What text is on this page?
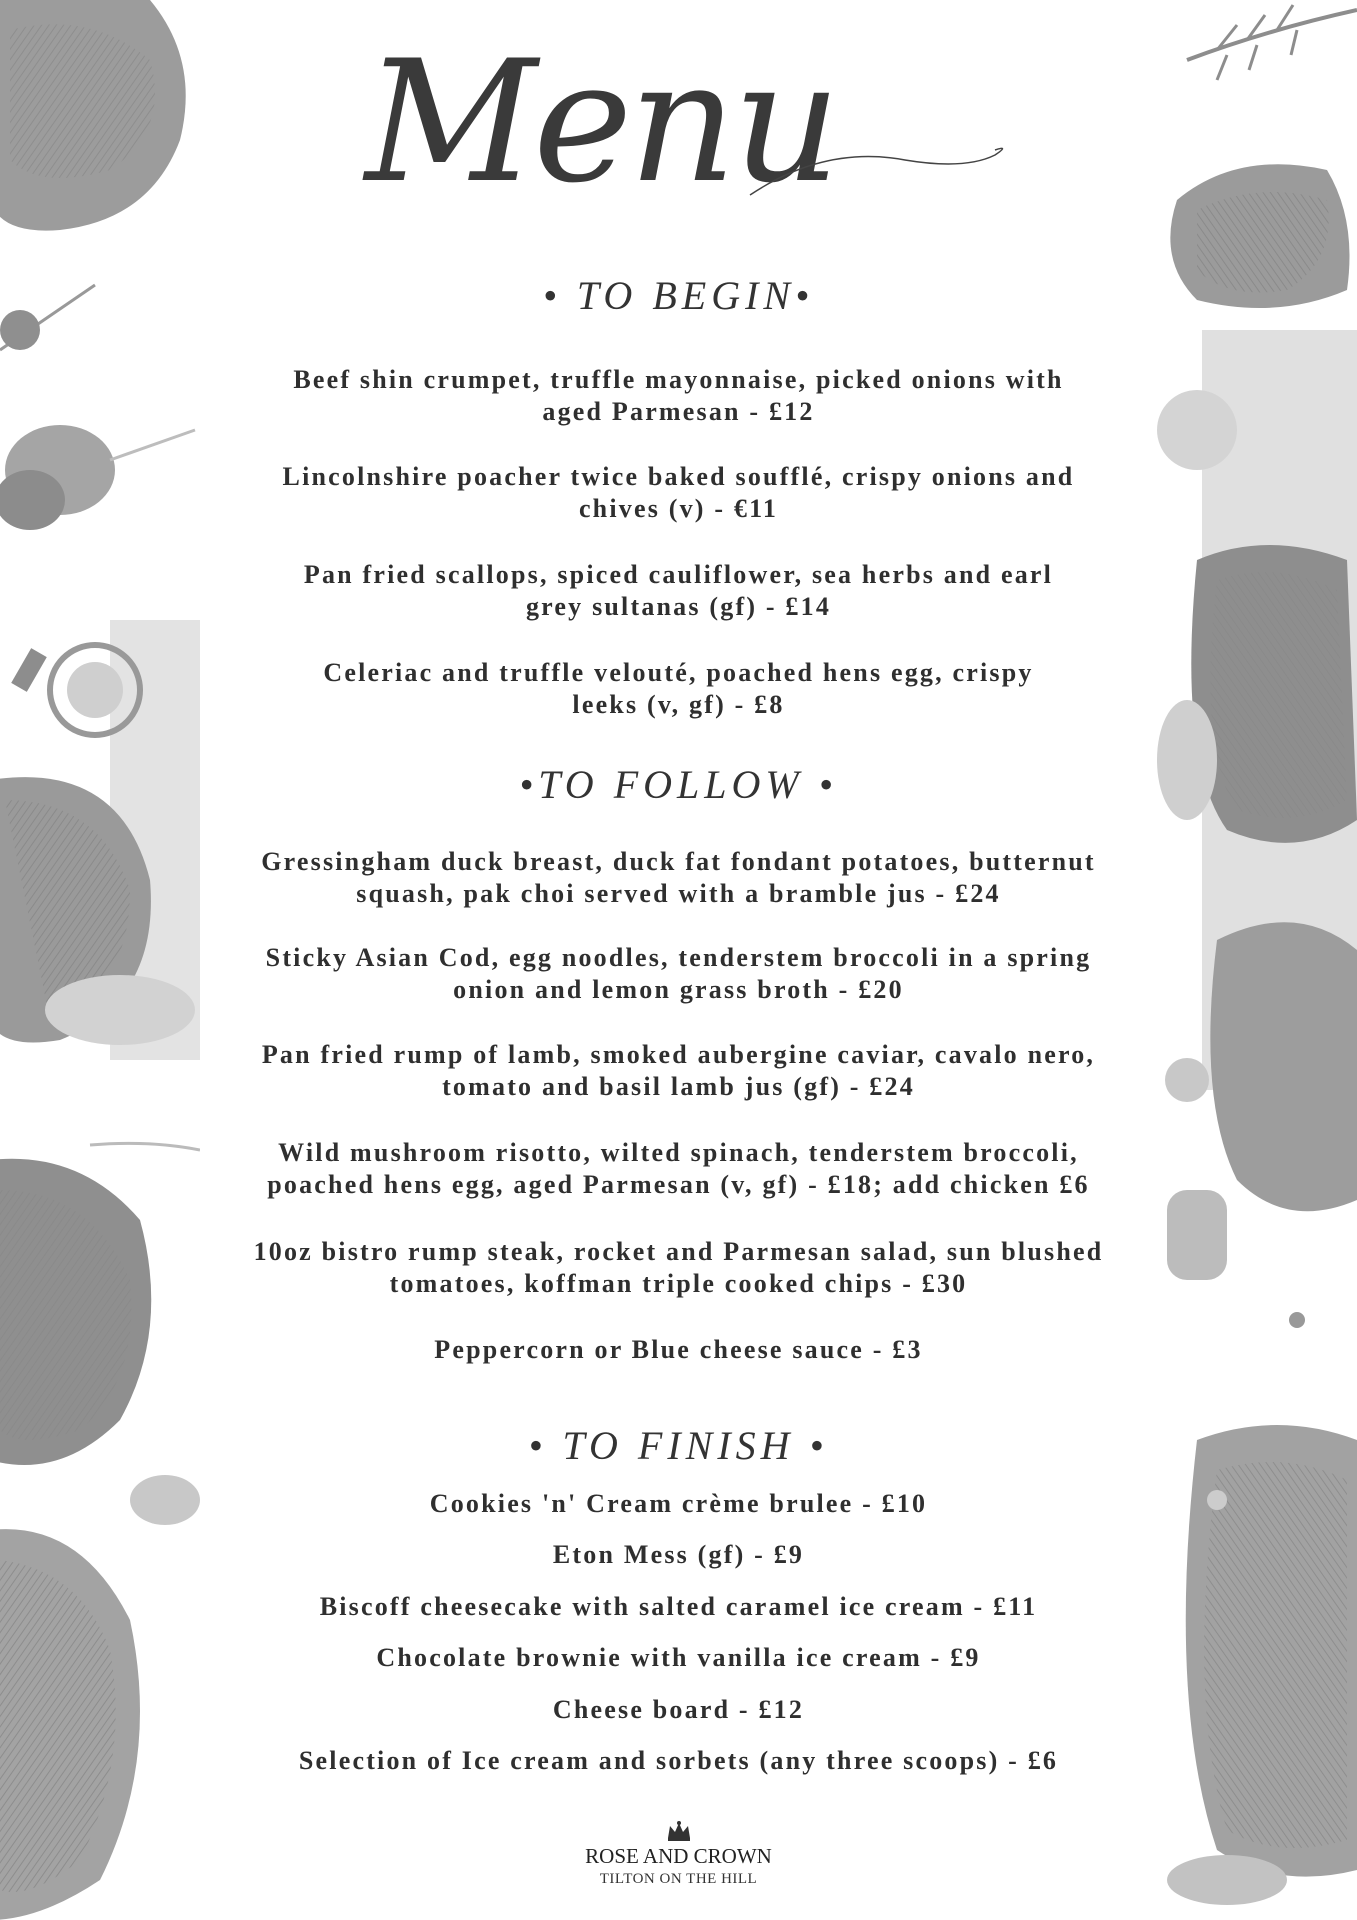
Menu
• TO BEGIN•
Beef shin crumpet, truffle mayonnaise, picked onions with
aged Parmesan - £12
Lincolnshire poacher twice baked soufflé, crispy onions and
chives (v) - €11
Pan fried scallops, spiced cauliflower, sea herbs and earl
grey sultanas (gf) - £14
Celeriac and truffle velouté, poached hens egg, crispy
leeks (v, gf) - £8
•TO FOLLOW •
Gressingham duck breast, duck fat fondant potatoes, butternut
squash, pak choi served with a bramble jus - £24
Sticky Asian Cod, egg noodles, tenderstem broccoli in a spring
onion and lemon grass broth - £20
Pan fried rump of lamb, smoked aubergine caviar, cavalo nero,
tomato and basil lamb jus (gf) - £24
Wild mushroom risotto, wilted spinach, tenderstem broccoli,
poached hens egg, aged Parmesan (v, gf) - £18; add chicken £6
10oz bistro rump steak, rocket and Parmesan salad, sun blushed
tomatoes, koffman triple cooked chips - £30
Peppercorn or Blue cheese sauce - £3
• TO FINISH •
Cookies 'n' Cream crème brulee - £10
Eton Mess (gf) - £9
Biscoff cheesecake with salted caramel ice cream - £11
Chocolate brownie with vanilla ice cream - £9
Cheese board - £12
Selection of Ice cream and sorbets (any three scoops) - £6
ROSE AND CROWN
TILTON ON THE HILL
